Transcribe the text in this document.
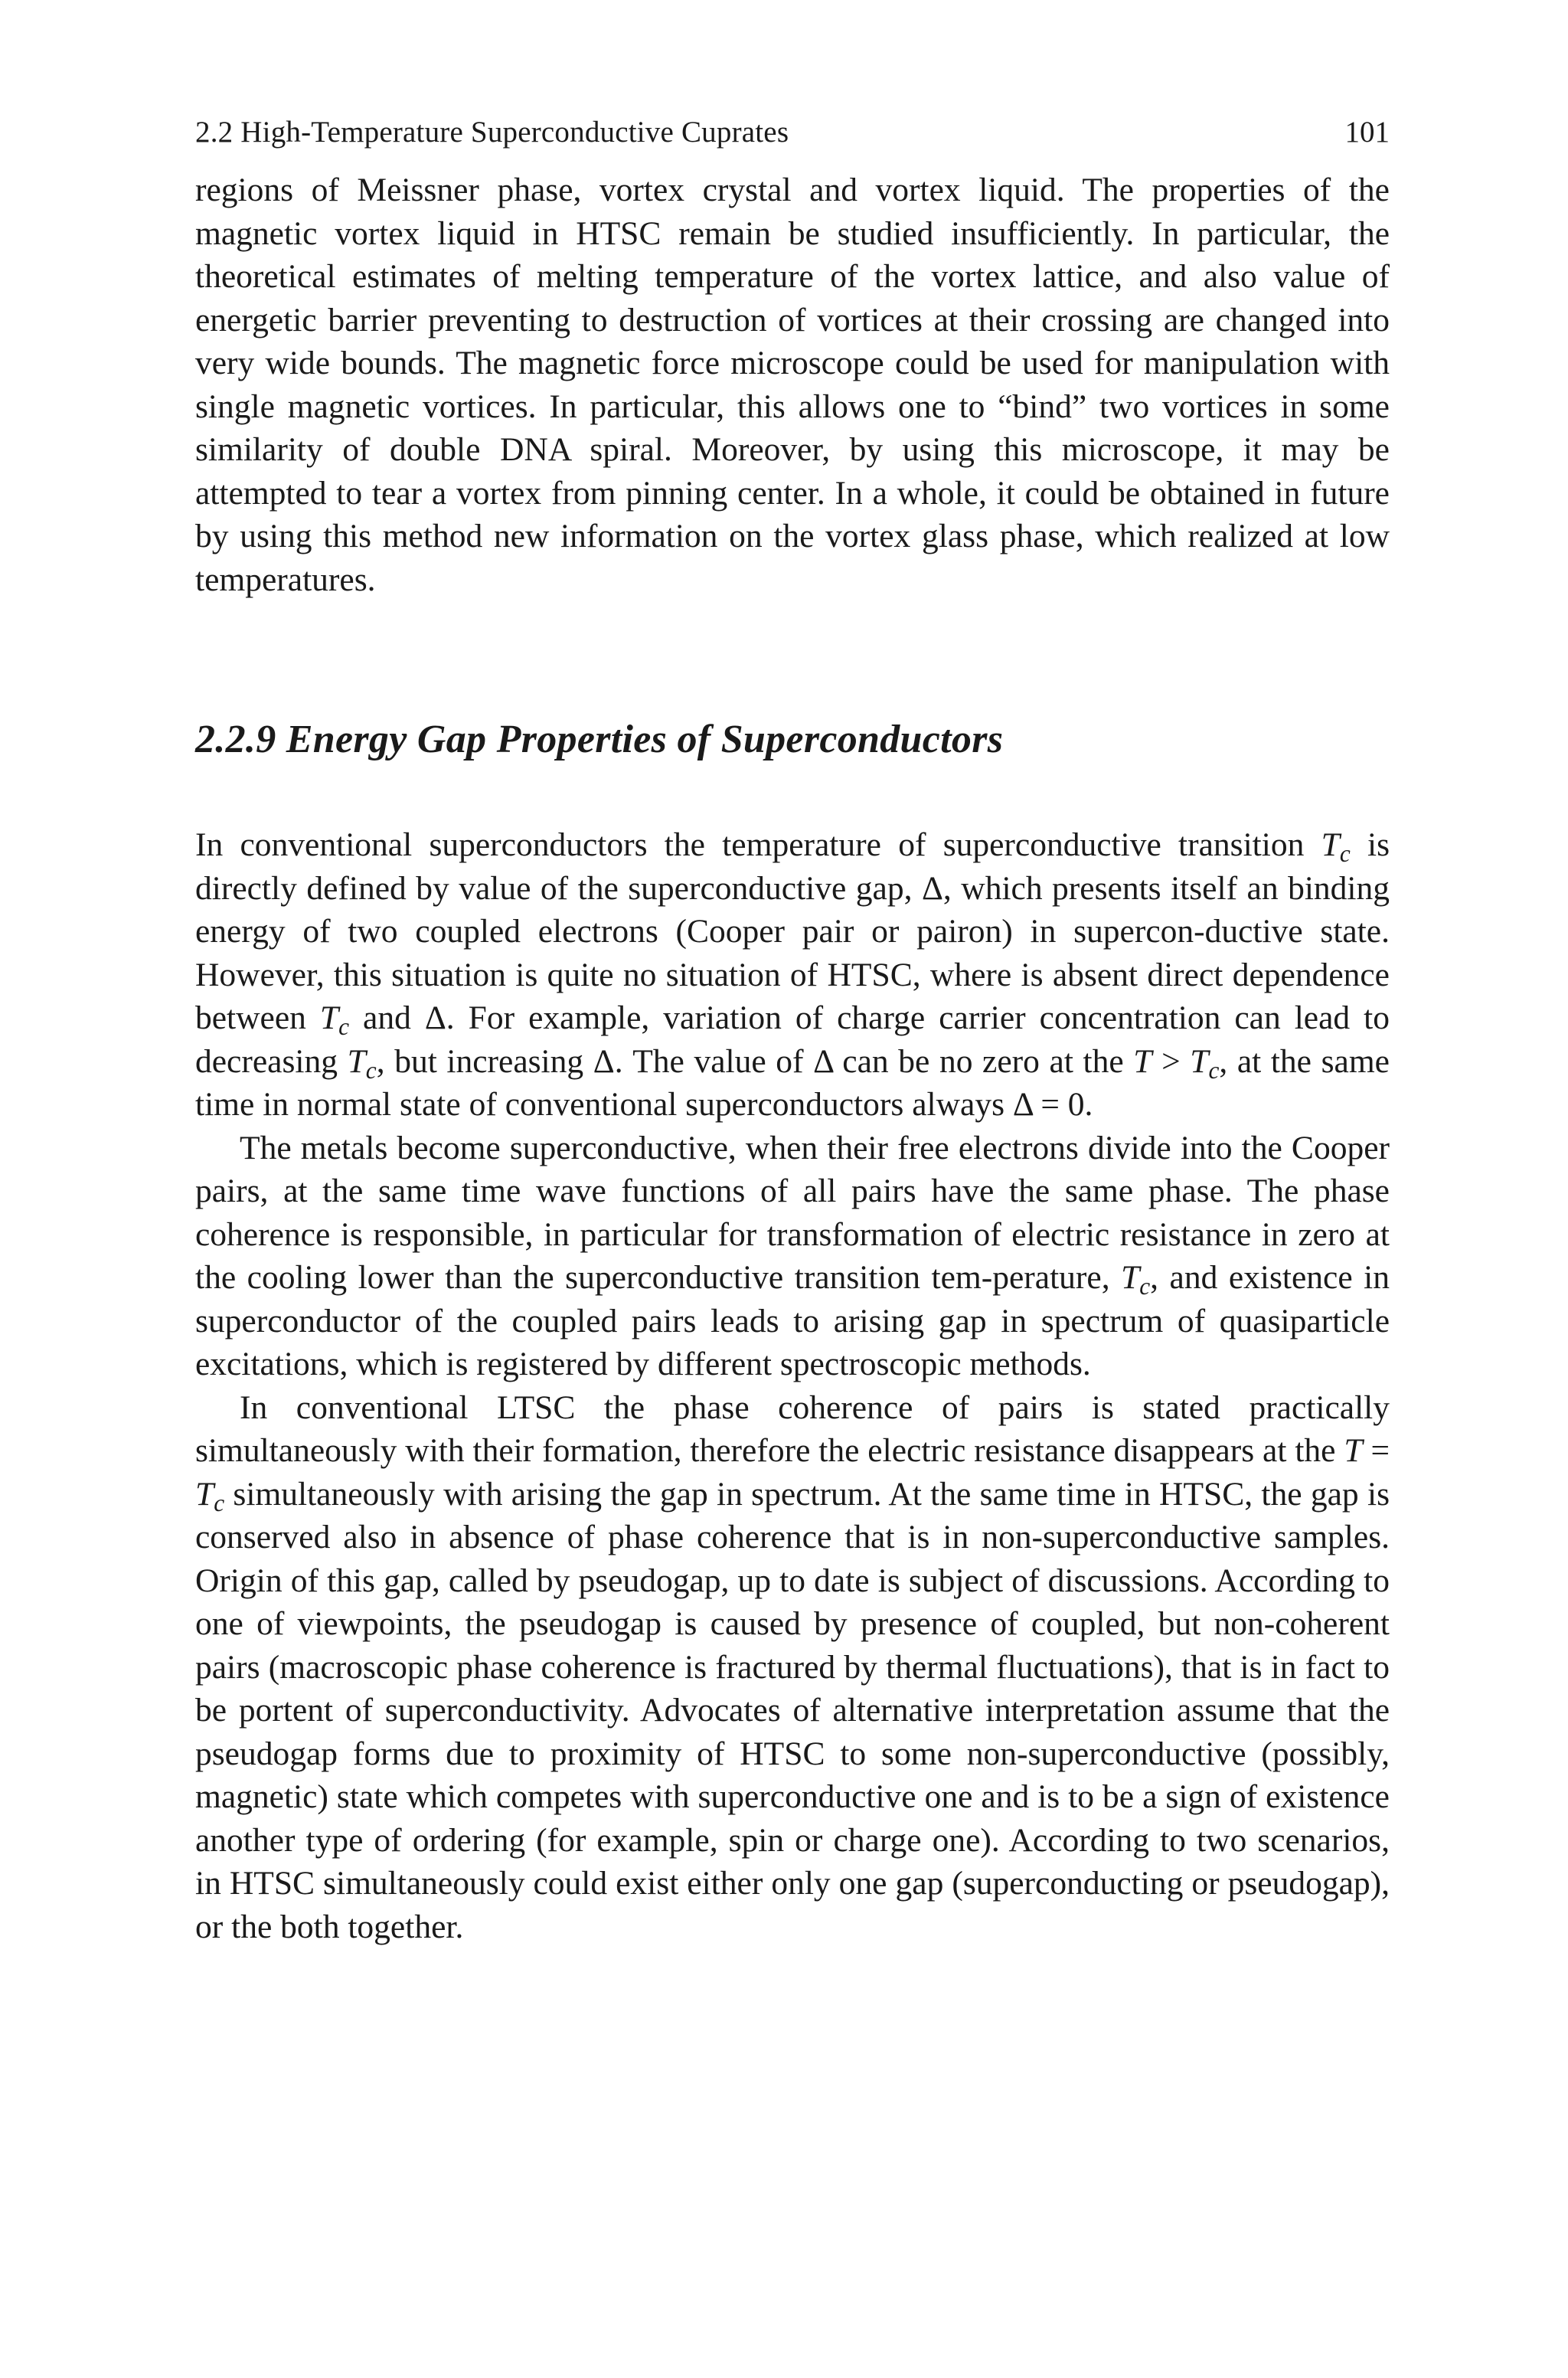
2.2 High-Temperature Superconductive Cuprates	101

regions of Meissner phase, vortex crystal and vortex liquid. The properties of the magnetic vortex liquid in HTSC remain be studied insufficiently. In particular, the theoretical estimates of melting temperature of the vortex lattice, and also value of energetic barrier preventing to destruction of vortices at their crossing are changed into very wide bounds. The magnetic force microscope could be used for manipulation with single magnetic vortices. In particular, this allows one to “bind” two vortices in some similarity of double DNA spiral. Moreover, by using this microscope, it may be attempted to tear a vortex from pinning center. In a whole, it could be obtained in future by using this method new information on the vortex glass phase, which realized at low temperatures.

2.2.9 Energy Gap Properties of Superconductors

In conventional superconductors the temperature of superconductive transition $T_c$ is directly defined by value of the superconductive gap, Δ, which presents itself an binding energy of two coupled electrons (Cooper pair or pairon) in supercon-ductive state. However, this situation is quite no situation of HTSC, where is absent direct dependence between $T_c$ and Δ. For example, variation of charge carrier concentration can lead to decreasing $T_c$, but increasing Δ. The value of Δ can be no zero at the $T > T_c$, at the same time in normal state of conventional superconductors always Δ = 0.

The metals become superconductive, when their free electrons divide into the Cooper pairs, at the same time wave functions of all pairs have the same phase. The phase coherence is responsible, in particular for transformation of electric resistance in zero at the cooling lower than the superconductive transition tem-perature, $T_c$, and existence in superconductor of the coupled pairs leads to arising gap in spectrum of quasiparticle excitations, which is registered by different spectroscopic methods.

In conventional LTSC the phase coherence of pairs is stated practically simultaneously with their formation, therefore the electric resistance disappears at the $T = T_c$ simultaneously with arising the gap in spectrum. At the same time in HTSC, the gap is conserved also in absence of phase coherence that is in non-superconductive samples. Origin of this gap, called by pseudogap, up to date is subject of discussions. According to one of viewpoints, the pseudogap is caused by presence of coupled, but non-coherent pairs (macroscopic phase coherence is fractured by thermal fluctuations), that is in fact to be portent of superconductivity. Advocates of alternative interpretation assume that the pseudogap forms due to proximity of HTSC to some non-superconductive (possibly, magnetic) state which competes with superconductive one and is to be a sign of existence another type of ordering (for example, spin or charge one). According to two scenarios, in HTSC simultaneously could exist either only one gap (superconducting or pseudogap), or the both together.
